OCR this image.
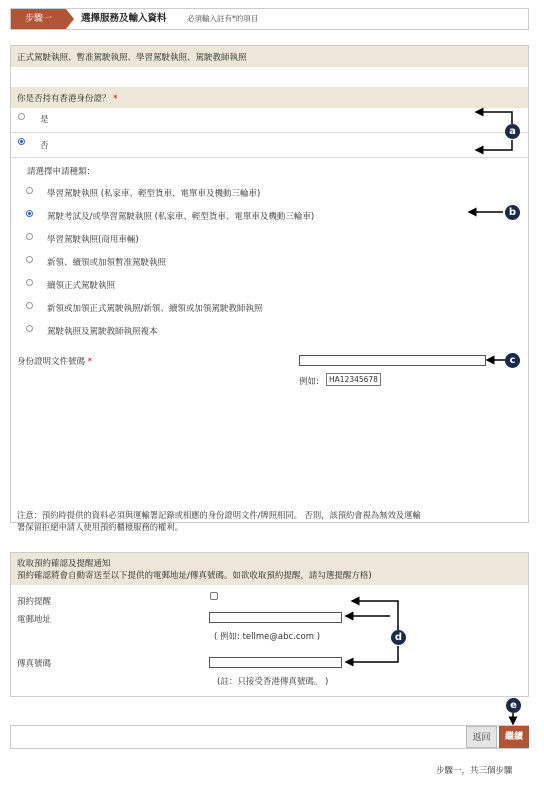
步驟一	選擇服務及輸入資料	必須輸入註有*的項目
正式駕駛執照、暫准駕駛執照、學習駕駛執照、駕駛教師執照
你是否持有香港身份證？ *
是
否
請選擇申請種類：
學習駕駛執照 (私家車、輕型貨車、電單車及機動三輪車)
駕駛考試及/或學習駕駛執照 (私家車、輕型貨車、電單車及機動三輪車)
學習駕駛執照(商用車輛)
新領、續領或加領暫准駕駛執照
續領正式駕駛執照
新領或加領正式駕駛執照/新領、續領或加領駕駛教師執照
駕駛執照及駕駛教師執照複本
身份證明文件號碼 *
例如:	HA12345678
注意：預約時提供的資料必須與運輸署記錄或相應的身份證明文件/牌照相同。 否則，該預約會視為無效及運輸
署保留拒絕申請人使用預約櫃檯服務的權利。
收取預約確認及提醒通知
預約確認將會自動寄送至以下提供的電郵地址/傳真號碼。如欲收取預約提醒，請勾選提醒方格)
預約提醒
電郵地址
( 例如: tellme@abc.com )
傳真號碼
(註：只接受香港傳真號碼。 )
返回	繼續
步驟一，共三個步驟
a
b
c
d
e
